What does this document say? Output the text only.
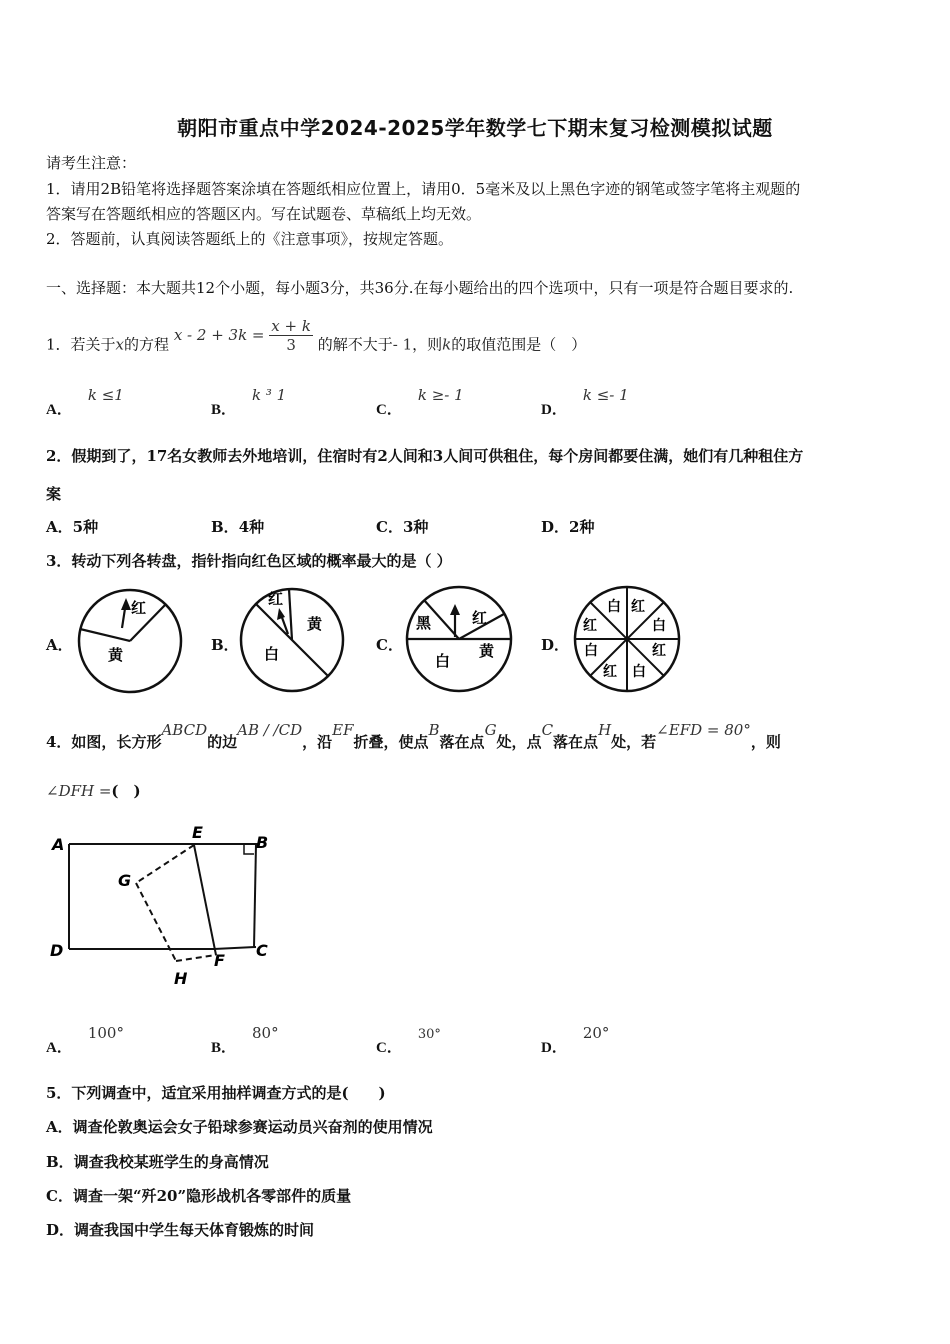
朝阳市重点中学2024-2025学年数学七下期末复习检测模拟试题
请考生注意：
1．请用2B铅笔将选择题答案涂填在答题纸相应位置上，请用0．5毫米及以上黑色字迹的钢笔或签字笔将主观题的
答案写在答题纸相应的答题区内。写在试题卷、草稿纸上均无效。
2．答题前，认真阅读答题纸上的《注意事项》，按规定答题。
一、选择题：本大题共12个小题，每小题3分，共36分.在每小题给出的四个选项中，只有一项是符合题目要求的.
1．若关于x的方程 $x - 2 + 3k = \frac{x + k}{3}$ 的解不大于- 1，则k的取值范围是（　）
A．k ≤1
B．k ³ 1
C．k ≥- 1
D．k ≤- 1
2．假期到了，17名女教师去外地培训，住宿时有2人间和3人间可供租住，每个房间都要住满，她们有几种租住方
案
A．5种	B．4种	C．3种	D．2种
3．转动下列各转盘，指针指向红色区域的概率最大的是（ ）
A．
红
黄
B．
红
黄
白	C．
黑	红
黄
白
D．
白 红
白
红
白
红
白
红
4．如图，长方形ABCD的边AB / /CD，沿EF折叠，使点B落在点G处，点C落在点H处，若∠EFD = 80°，则
∠DFH =(　)
A
E
B
G
D	C
F
H
A．100°
B．80°
C．30°
D．20°
5．下列调查中，适宜采用抽样调查方式的是(　　)
A．调查伦敦奥运会女子铅球参赛运动员兴奋剂的使用情况
B．调查我校某班学生的身高情况
C．调查一架“歼20”隐形战机各零部件的质量
D．调查我国中学生每天体育锻炼的时间
